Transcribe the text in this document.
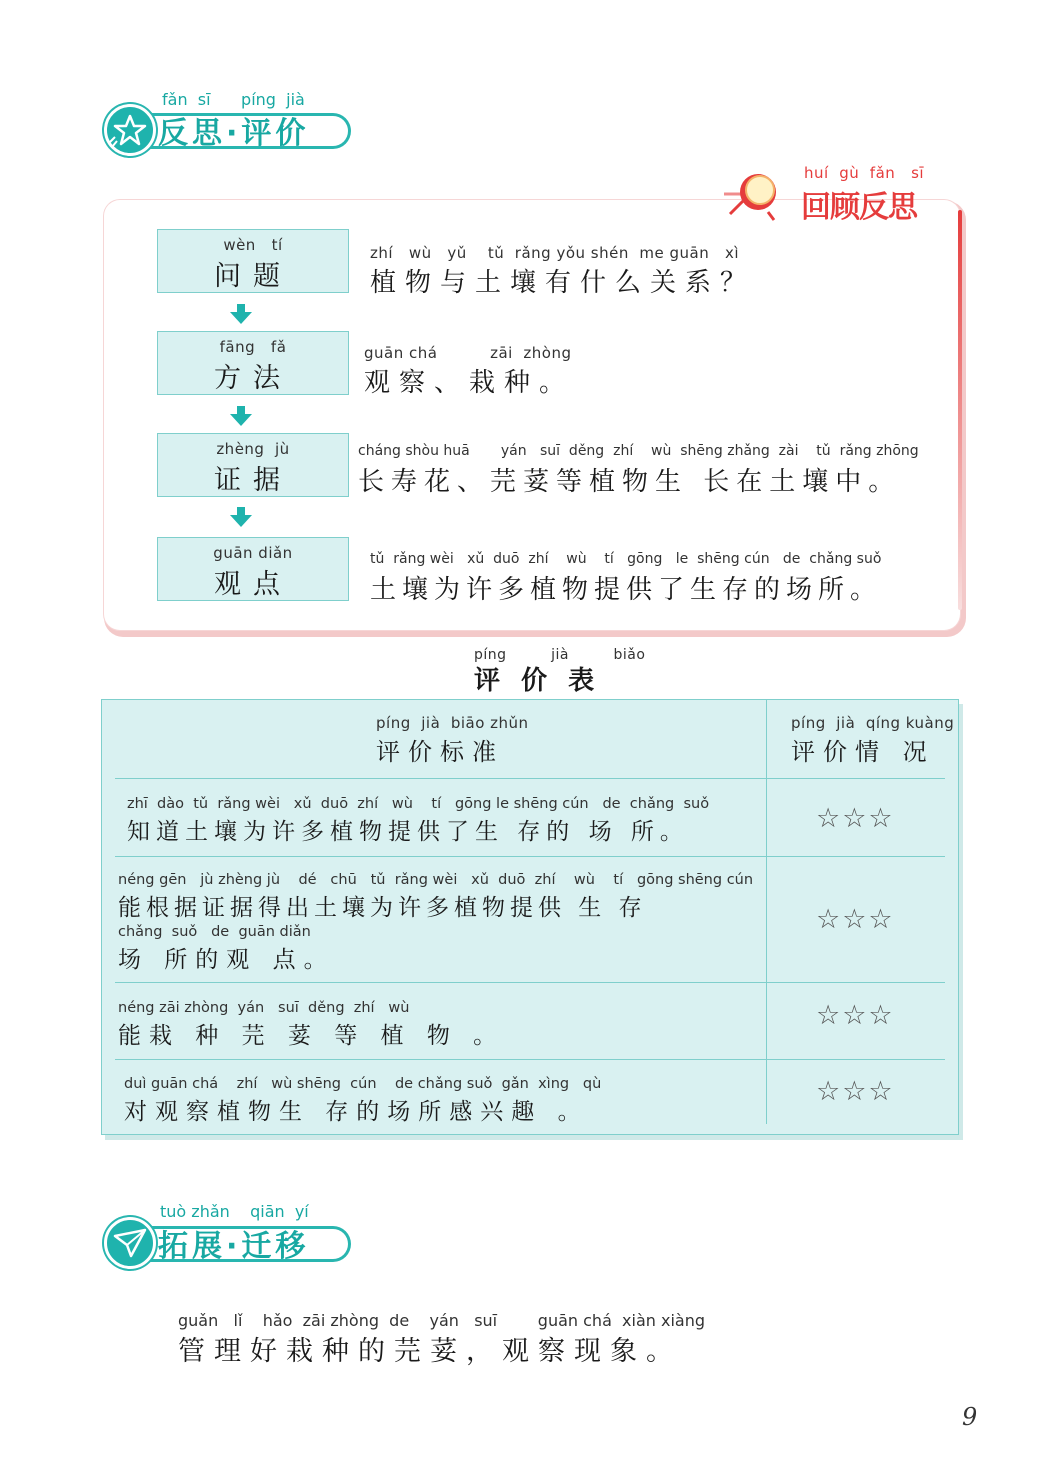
fǎn  sī      píng  jià
反思·评价
huí  gù  fǎn   sī
回顾反思
wèn   tí
问题
zhí   wù   yǔ    tǔ  rǎng yǒu shén  me guān   xì
植物与土壤有什么关系？
fāng   fǎ
方法
guān chá          zāi  zhòng
观察、栽种。
zhèng  jù
证据
cháng shòu huā       yán   suī  děng  zhí    wù  shēng zhǎng  zài    tǔ  rǎng zhōng
长寿花、芫荽等植物生 长在土壤中。
guān diǎn
观点
tǔ  rǎng wèi   xǔ  duō  zhí    wù    tí   gōng   le  shēng cún   de  chǎng suǒ
土壤为许多植物提供了生存的场所。
píng         jià         biǎo
评 价 表
píng  jià  biāo zhǔn
评价标准
píng  jià  qíng kuàng
评价情 况
zhī  dào  tǔ  rǎng wèi   xǔ  duō  zhí   wù    tí   gōng le shēng cún   de  chǎng  suǒ
知道土壤为许多植物提供了生 存的 场 所。	☆☆☆
néng gēn   jù zhèng jù    dé   chū   tǔ  rǎng wèi   xǔ  duō  zhí    wù    tí   gōng shēng cún
能根据证据得出土壤为许多植物提供 生 存
chǎng  suǒ   de  guān diǎn
场 所的观 点。
☆☆☆
néng zāi zhòng  yán   suī  děng  zhí   wù
能栽 种 芫 荽 等 植 物 。
☆☆☆
duì guān chá    zhí   wù shēng  cún    de chǎng suǒ  gǎn  xìng   qù
对观察植物生 存的场所感兴趣 。
☆☆☆
tuò zhǎn    qiān  yí
拓展·迁移
guǎn   lǐ    hǎo  zāi zhòng  de    yán   suī        guān chá  xiàn xiàng
管理好栽种的芫荽，观察现象。
9
